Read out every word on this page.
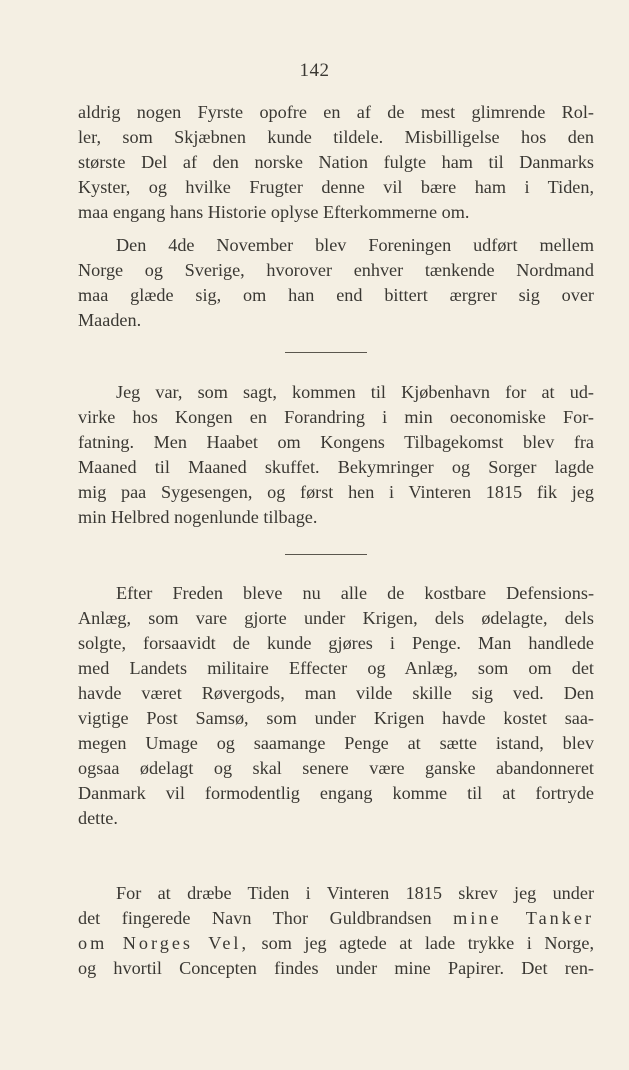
142
aldrig nogen Fyrste opofre en af de mest glimrende Rol-
ler, som Skjæbnen kunde tildele. Misbilligelse hos den
største Del af den norske Nation fulgte ham til Danmarks
Kyster, og hvilke Frugter denne vil bære ham i Tiden,
maa engang hans Historie oplyse Efterkommerne om.
Den 4de November blev Foreningen udført mellem
Norge og Sverige, hvorover enhver tænkende Nordmand
maa glæde sig, om han end bittert ærgrer sig over
Maaden.
Jeg var, som sagt, kommen til Kjøbenhavn for at ud-
virke hos Kongen en Forandring i min oeconomiske For-
fatning. Men Haabet om Kongens Tilbagekomst blev fra
Maaned til Maaned skuffet. Bekymringer og Sorger lagde
mig paa Sygesengen, og først hen i Vinteren 1815 fik jeg
min Helbred nogenlunde tilbage.
Efter Freden bleve nu alle de kostbare Defensions-
Anlæg, som vare gjorte under Krigen, dels ødelagte, dels
solgte, forsaavidt de kunde gjøres i Penge. Man handlede
med Landets militaire Effecter og Anlæg, som om det
havde været Røvergods, man vilde skille sig ved. Den
vigtige Post Samsø, som under Krigen havde kostet saa-
megen Umage og saamange Penge at sætte istand, blev
ogsaa ødelagt og skal senere være ganske abandonneret
Danmark vil formodentlig engang komme til at fortryde
dette.
For at dræbe Tiden i Vinteren 1815 skrev jeg under
det fingerede Navn Thor Guldbrandsen mine Tanker
om Norges Vel, som jeg agtede at lade trykke i Norge,
og hvortil Concepten findes under mine Papirer. Det ren-
